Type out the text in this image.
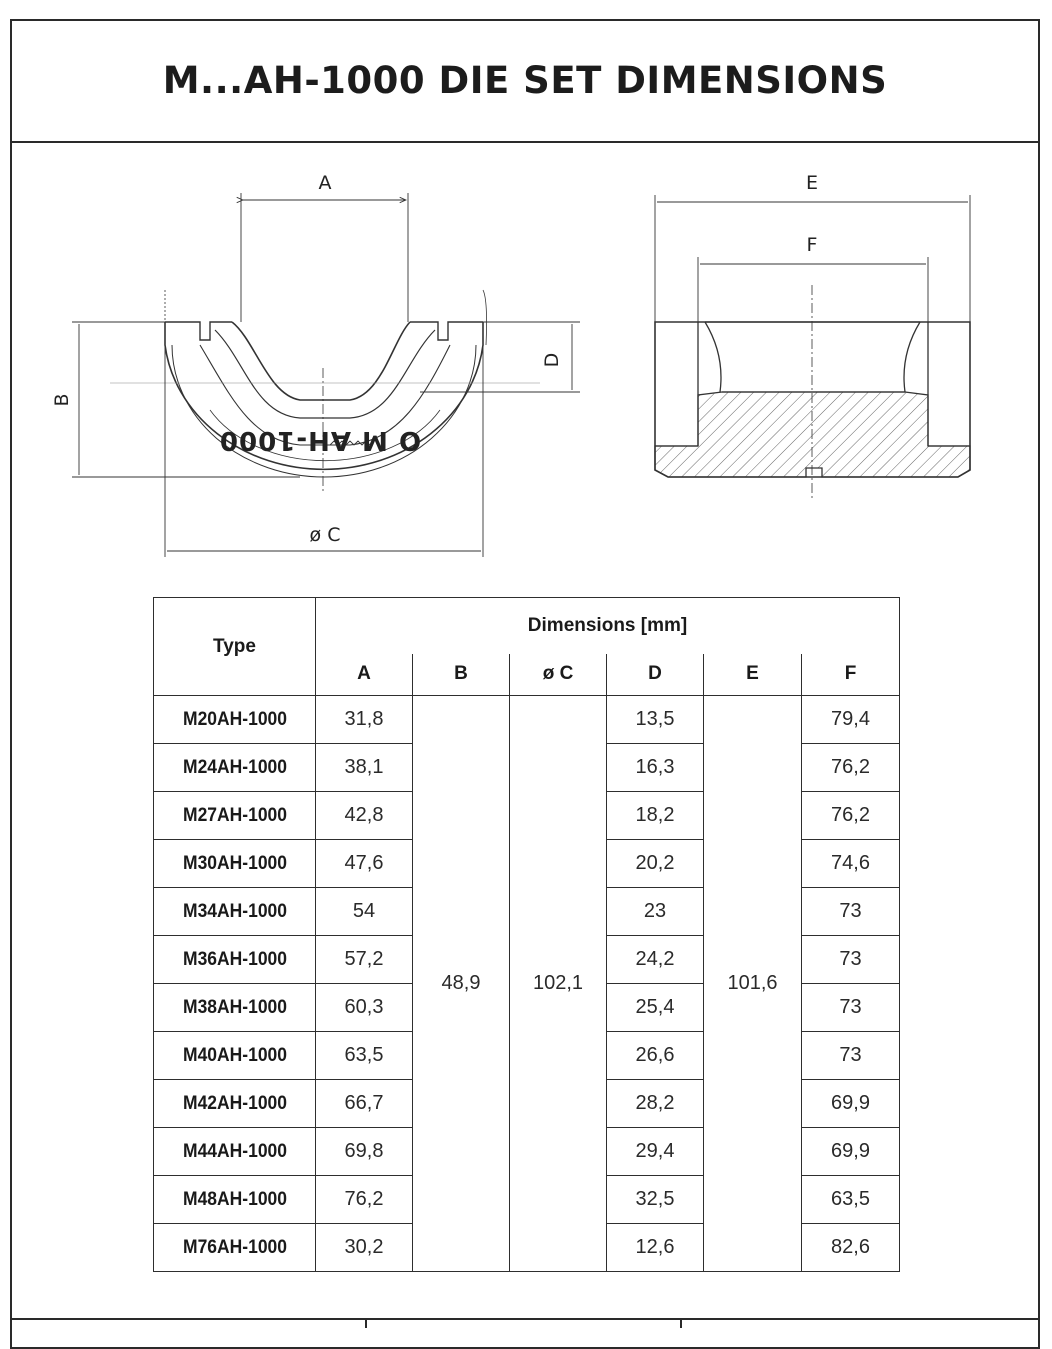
M...AH-1000 DIE SET DIMENSIONS
O M AH-1000
A
B
ø C
D
E
F
Type	Dimensions [mm]					
	A	B	ø C	D	E	F
M20AH-1000	31,8	48,9	102,1	13,5	101,6	79,4
M24AH-1000	38,1			16,3		76,2
M27AH-1000	42,8			18,2		76,2
M30AH-1000	47,6			20,2		74,6
M34AH-1000	54			23		73
M36AH-1000	57,2			24,2		73
M38AH-1000	60,3			25,4		73
M40AH-1000	63,5			26,6		73
M42AH-1000	66,7			28,2		69,9
M44AH-1000	69,8			29,4		69,9
M48AH-1000	76,2			32,5		63,5
M76AH-1000	30,2			12,6		82,6
